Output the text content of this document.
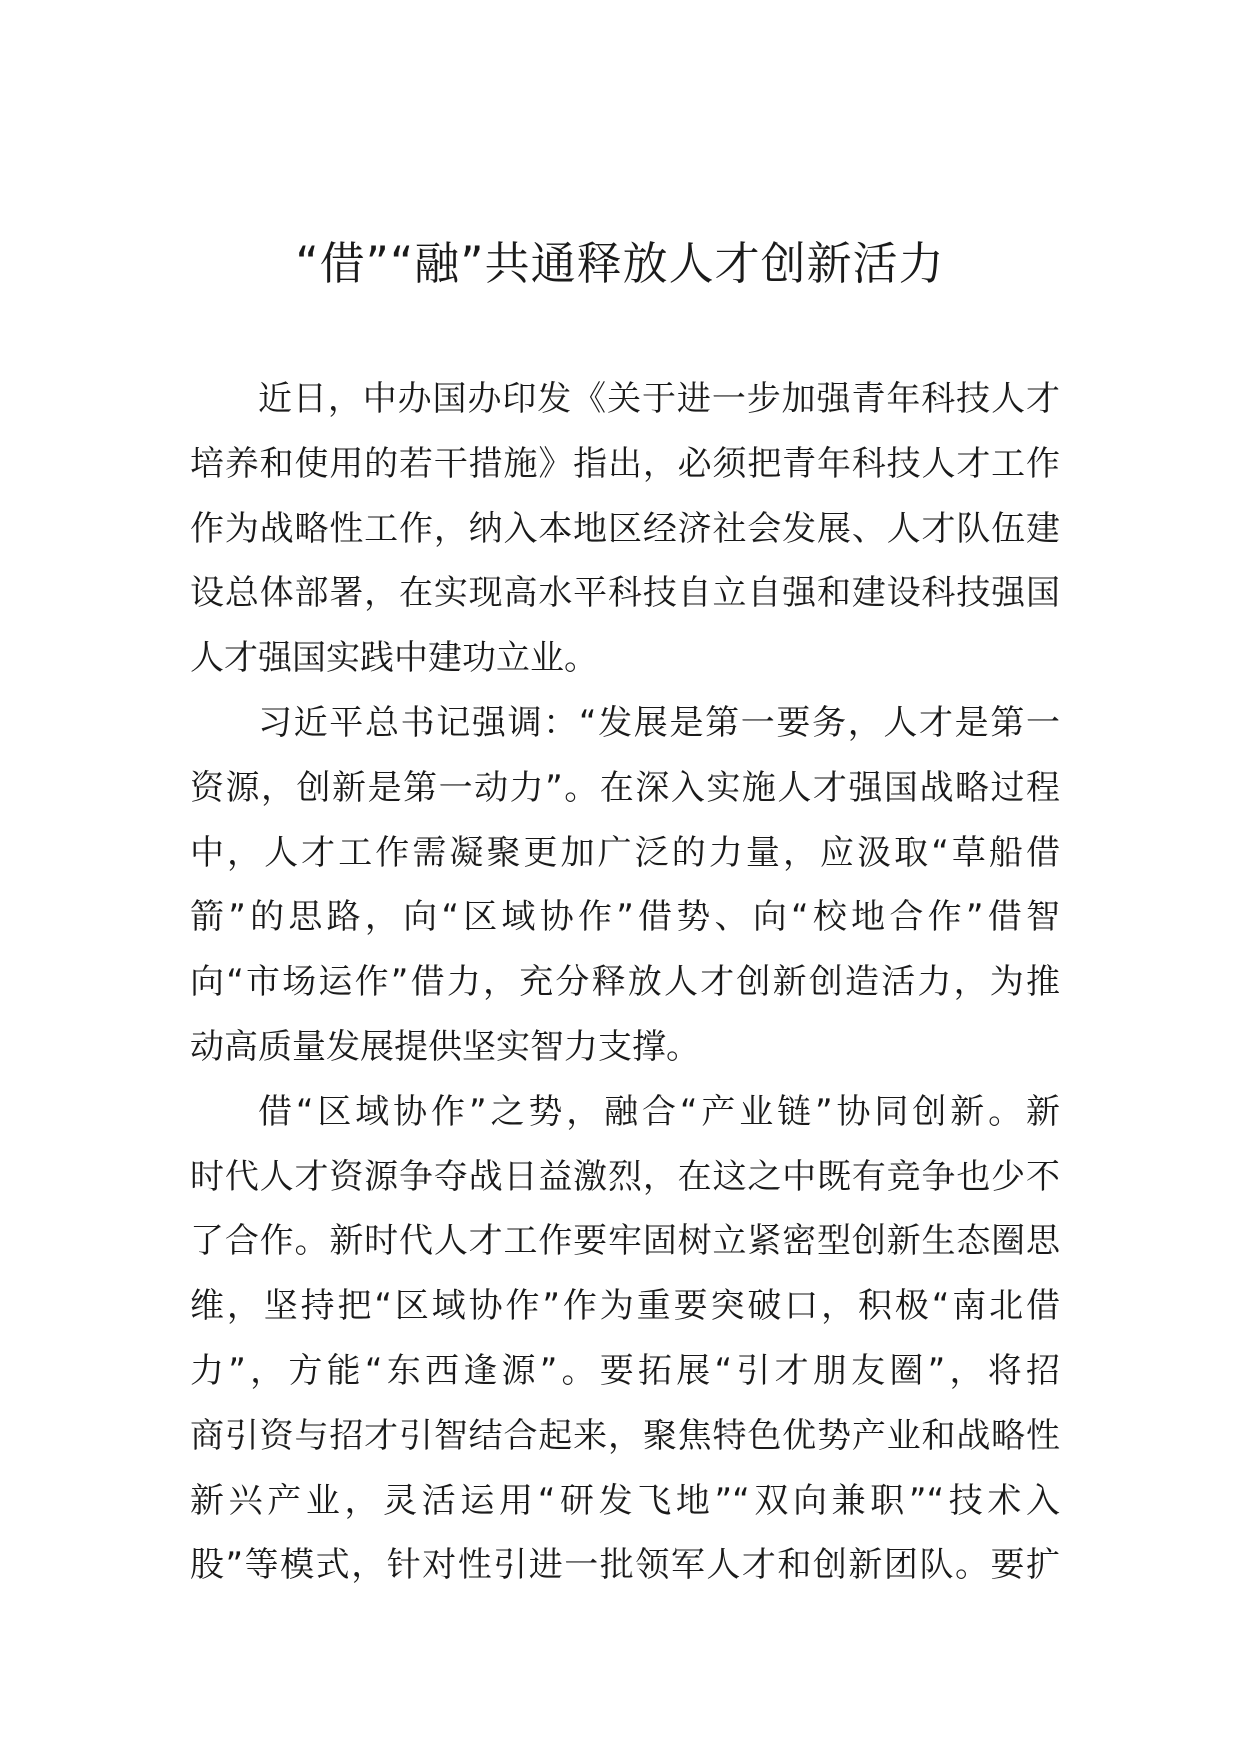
“借”“融”共通释放人才创新活力
近日，中办国办印发《关于进一步加强青年科技人才
培养和使用的若干措施》指出，必须把青年科技人才工作
作为战略性工作，纳入本地区经济社会发展、人才队伍建
设总体部署，在实现高水平科技自立自强和建设科技强国
人才强国实践中建功立业。
习近平总书记强调：“发展是第一要务，人才是第一
资源，创新是第一动力”。在深入实施人才强国战略过程
中，人才工作需凝聚更加广泛的力量，应汲取“草船借
箭”的思路，向“区域协作”借势、向“校地合作”借智
向“市场运作”借力，充分释放人才创新创造活力，为推
动高质量发展提供坚实智力支撑。
借“区域协作”之势，融合“产业链”协同创新。新
时代人才资源争夺战日益激烈，在这之中既有竞争也少不
了合作。新时代人才工作要牢固树立紧密型创新生态圈思
维，坚持把“区域协作”作为重要突破口，积极“南北借
力”，方能“东西逢源”。要拓展“引才朋友圈”，将招
商引资与招才引智结合起来，聚焦特色优势产业和战略性
新兴产业，灵活运用“研发飞地”“双向兼职”“技术入
股”等模式，针对性引进一批领军人才和创新团队。要扩
